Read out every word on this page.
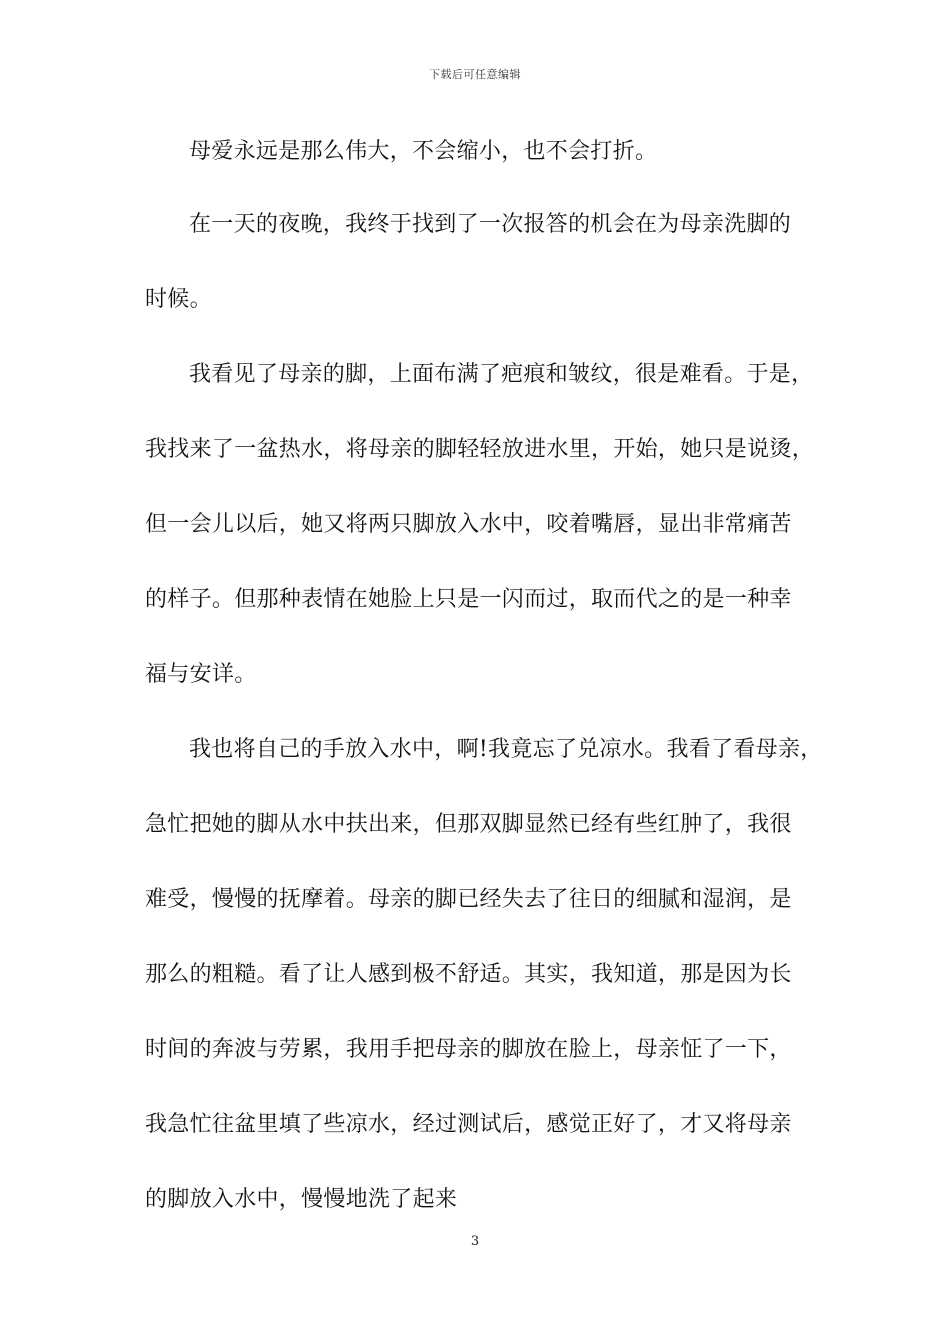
下载后可任意编辑
母爱永远是那么伟大，不会缩小，也不会打折。
在一天的夜晚，我终于找到了一次报答的机会在为母亲洗脚的
时候。
我看见了母亲的脚，上面布满了疤痕和皱纹，很是难看。于是，
我找来了一盆热水，将母亲的脚轻轻放进水里，开始，她只是说烫，
但一会儿以后，她又将两只脚放入水中，咬着嘴唇，显出非常痛苦
的样子。但那种表情在她脸上只是一闪而过，取而代之的是一种幸
福与安详。
我也将自己的手放入水中，啊!我竟忘了兑凉水。我看了看母亲，
急忙把她的脚从水中扶出来，但那双脚显然已经有些红肿了，我很
难受，慢慢的抚摩着。母亲的脚已经失去了往日的细腻和湿润，是
那么的粗糙。看了让人感到极不舒适。其实，我知道，那是因为长
时间的奔波与劳累，我用手把母亲的脚放在脸上，母亲怔了一下，
我急忙往盆里填了些凉水，经过测试后，感觉正好了，才又将母亲
的脚放入水中，慢慢地洗了起来
3
